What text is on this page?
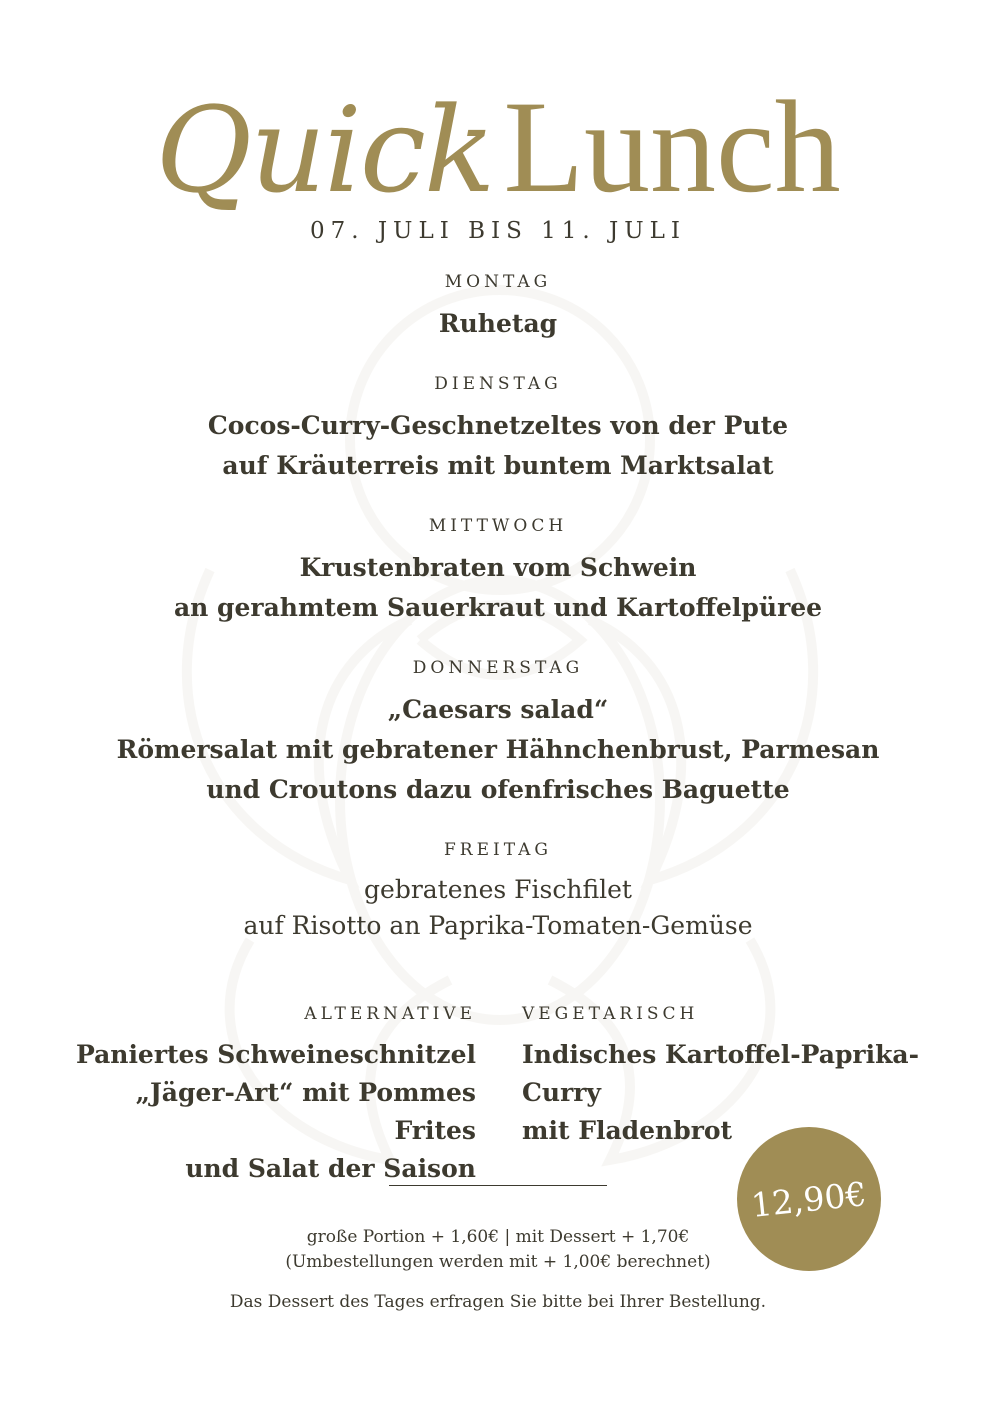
QuickLunch
07. JULI BIS 11. JULI
MONTAG
Ruhetag
DIENSTAG
Cocos-Curry-Geschnetzeltes von der Pute
auf Kräuterreis mit buntem Marktsalat
MITTWOCH
Krustenbraten vom Schwein
an gerahmtem Sauerkraut und Kartoffelpüree
DONNERSTAG
„Caesars salad“
Römersalat mit gebratener Hähnchenbrust, Parmesan
und Croutons dazu ofenfrisches Baguette
FREITAG
gebratenes Fischfilet
auf Risotto an Paprika-Tomaten-Gemüse
ALTERNATIVE
Paniertes Schweineschnitzel
„Jäger-Art“ mit Pommes Frites
und Salat der Saison
VEGETARISCH
Indisches Kartoffel-Paprika-Curry
mit Fladenbrot
12,90€
große Portion + 1,60€ | mit Dessert + 1,70€
(Umbestellungen werden mit + 1,00€ berechnet)
Das Dessert des Tages erfragen Sie bitte bei Ihrer Bestellung.
